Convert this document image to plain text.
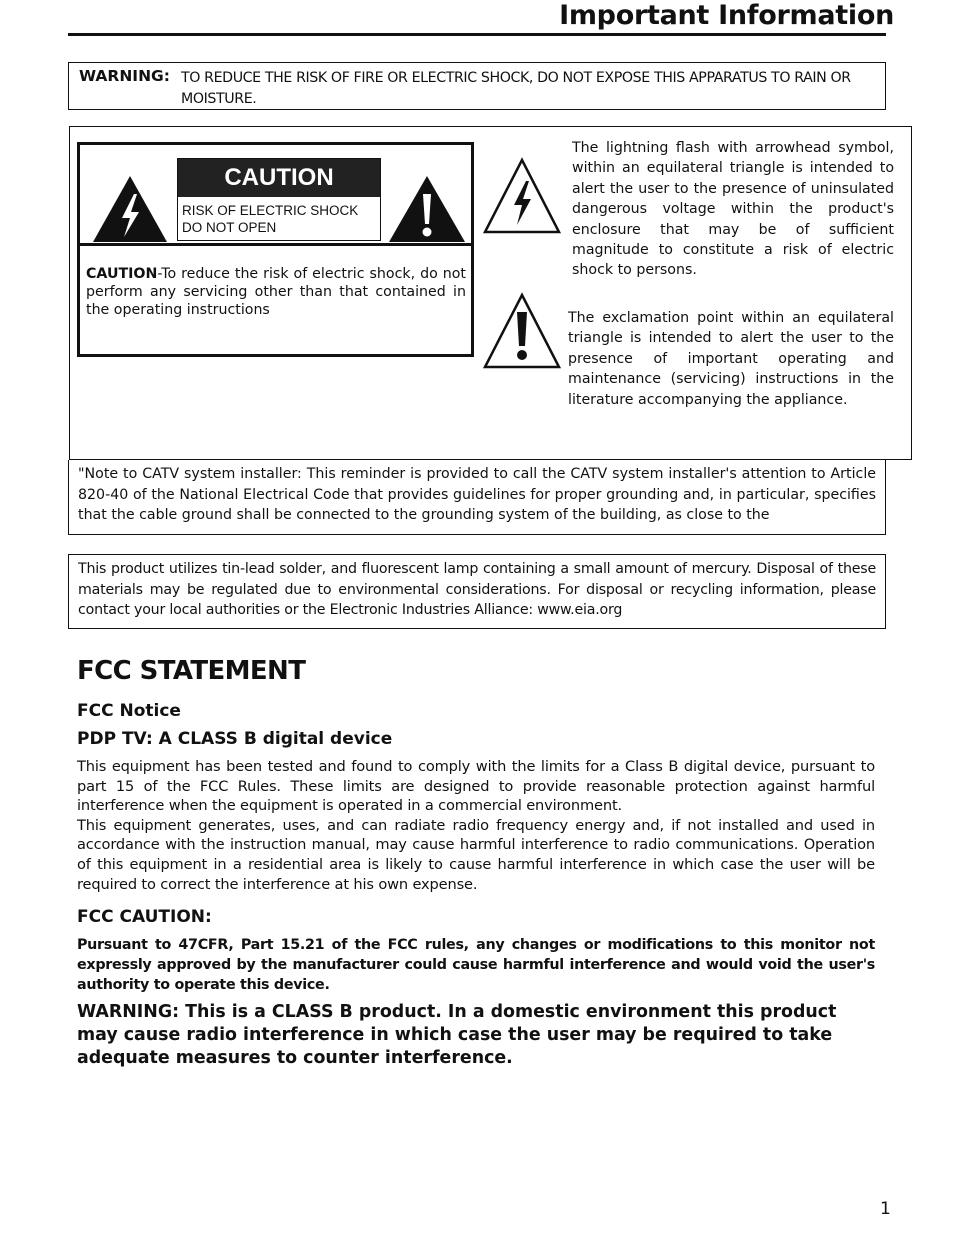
Important Information
WARNING: TO REDUCE THE RISK OF FIRE OR ELECTRIC SHOCK, DO NOT EXPOSE THIS APPARATUS TO RAIN OR MOISTURE.
CAUTION
RISK OF ELECTRIC SHOCK
DO NOT OPEN
CAUTION-To reduce the risk of electric shock, do not perform any servicing other than that contained in the operating instructions
The lightning flash with arrowhead symbol, within an equilateral triangle is intended to alert the user to the presence of uninsulated dangerous voltage within the product's enclosure that may be of sufficient magnitude to constitute a risk of electric shock to persons.
The exclamation point within an equilateral triangle is intended to alert the user to the presence of important operating and maintenance (servicing) instructions in the literature accompanying the appliance.
"Note to CATV system installer: This reminder is provided to call the CATV system installer's attention to Article 820-40 of the National Electrical Code that provides guidelines for proper grounding and, in particular, specifies that the cable ground shall be connected to the grounding system of the building, as close to the
This product utilizes tin-lead solder, and fluorescent lamp containing a small amount of mercury. Disposal of these materials may be regulated due to environmental considerations. For disposal or recycling information, please contact your local authorities or the Electronic Industries Alliance: www.eia.org
FCC STATEMENT
FCC Notice
PDP TV: A CLASS B digital device

This equipment has been tested and found to comply with the limits for a Class B digital device, pursuant to part 15 of the FCC Rules. These limits are designed to provide reasonable protection against harmful interference when the equipment is operated in a commercial environment.

This equipment generates, uses, and can radiate radio frequency energy and, if not installed and used in accordance with the instruction manual, may cause harmful interference to radio communications. Operation of this equipment in a residential area is likely to cause harmful interference in which case the user will be required to correct the interference at his own expense.

FCC CAUTION:
Pursuant to 47CFR, Part 15.21 of the FCC rules, any changes or modifications to this monitor not expressly approved by the manufacturer could cause harmful interference and would void the user's authority to operate this device.
WARNING: This is a CLASS B product. In a domestic environment this product may cause radio interference in which case the user may be required to take adequate measures to counter interference.
1
